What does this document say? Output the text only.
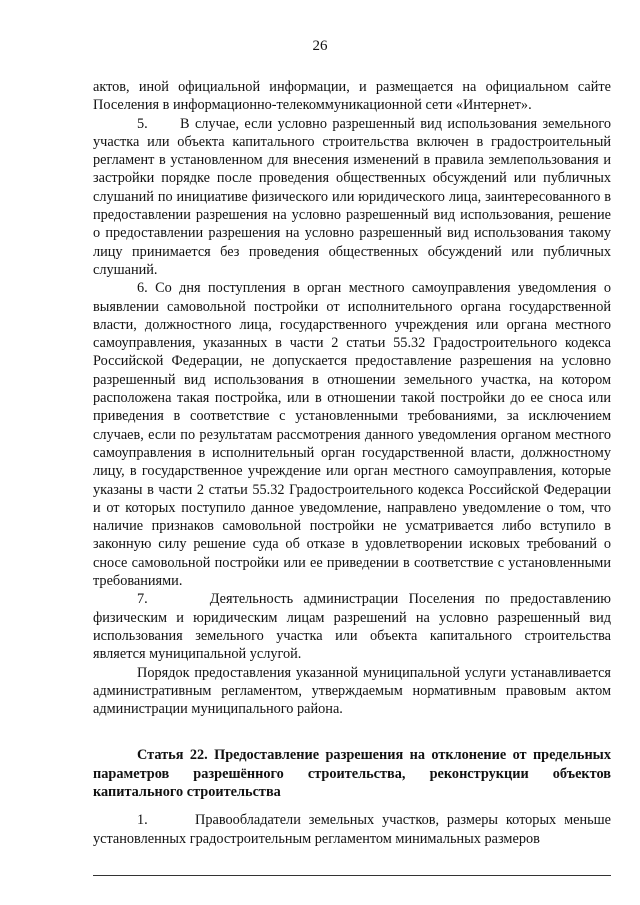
26

актов, иной официальной информации, и размещается на официальном сайте Поселения в информационно-телекоммуникационной сети «Интернет».

5.      В случае, если условно разрешенный вид использования земельного участка или объекта капитального строительства включен в градостроительный регламент в установленном для внесения изменений в правила землепользования и застройки порядке после проведения общественных обсуждений или публичных слушаний по инициативе физического или юридического лица, заинтересованного в предоставлении разрешения на условно разрешенный вид использования, решение о предоставлении разрешения на условно разрешенный вид использования такому лицу принимается без проведения общественных обсуждений или публичных слушаний.

6. Со дня поступления в орган местного самоуправления уведомления о выявлении самовольной постройки от исполнительного органа государственной власти, должностного лица, государственного учреждения или органа местного самоуправления, указанных в части 2 статьи 55.32 Градостроительного кодекса Российской Федерации, не допускается предоставление разрешения на условно разрешенный вид использования в отношении земельного участка, на котором расположена такая постройка, или в отношении такой постройки до ее сноса или приведения в соответствие с установленными требованиями, за исключением случаев, если по результатам рассмотрения данного уведомления органом местного самоуправления в исполнительный орган государственной власти, должностному лицу, в государственное учреждение или орган местного самоуправления, которые указаны в части 2 статьи 55.32 Градостроительного кодекса Российской Федерации и от которых поступило данное уведомление, направлено уведомление о том, что наличие признаков самовольной постройки не усматривается либо вступило в законную силу решение суда об отказе в удовлетворении исковых требований о сносе самовольной постройки или ее приведении в соответствие с установленными требованиями.

7.      Деятельность администрации Поселения по предоставлению физическим и юридическим лицам разрешений на условно разрешенный вид использования земельного участка или объекта капитального строительства является муниципальной услугой.

Порядок предоставления указанной муниципальной услуги устанавливается административным регламентом, утверждаемым нормативным правовым актом администрации муниципального района.

Статья 22. Предоставление разрешения на отклонение от предельных параметров разрешённого строительства, реконструкции объектов капитального строительства

1.      Правообладатели земельных участков, размеры которых меньше установленных градостроительным регламентом минимальных размеров
